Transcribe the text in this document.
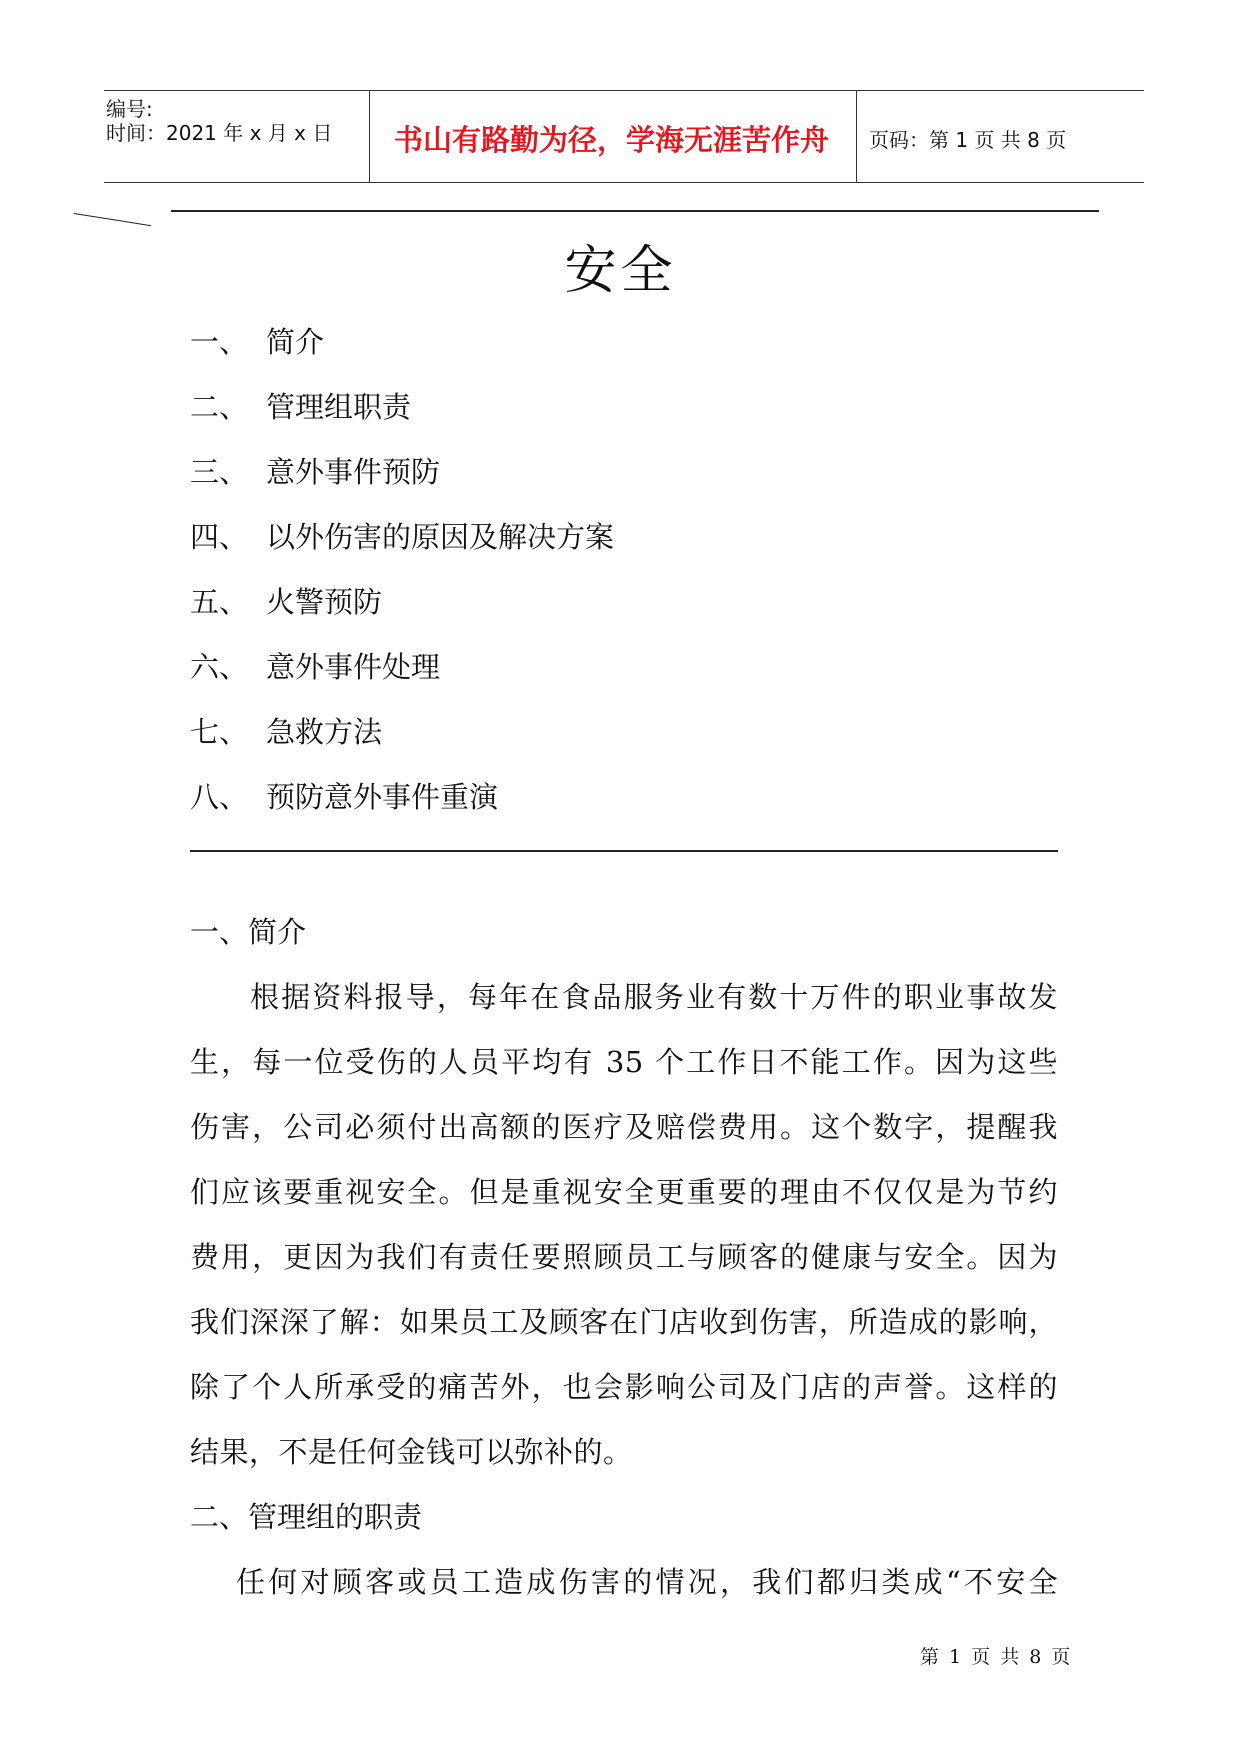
编号:
时间：2021 年 x 月 x 日 书山有路勤为径，学海无涯苦作舟 页码：第 1 页 共 8 页
安全
一、 简介
二、 管理组职责
三、 意外事件预防
四、 以外伤害的原因及解决方案
五、 火警预防
六、 意外事件处理
七、 急救方法
八、 预防意外事件重演
一、简介
根据资料报导，每年在食品服务业有数十万件的职业事故发
生，每一位受伤的人员平均有 35 个工作日不能工作。因为这些
伤害，公司必须付出高额的医疗及赔偿费用。这个数字，提醒我
们应该要重视安全。但是重视安全更重要的理由不仅仅是为节约
费用，更因为我们有责任要照顾员工与顾客的健康与安全。因为
我们深深了解：如果员工及顾客在门店收到伤害，所造成的影响，
除了个人所承受的痛苦外，也会影响公司及门店的声誉。这样的
结果，不是任何金钱可以弥补的。
二、管理组的职责
任何对顾客或员工造成伤害的情况，我们都归类成“不安全
第 1 页 共 8 页
